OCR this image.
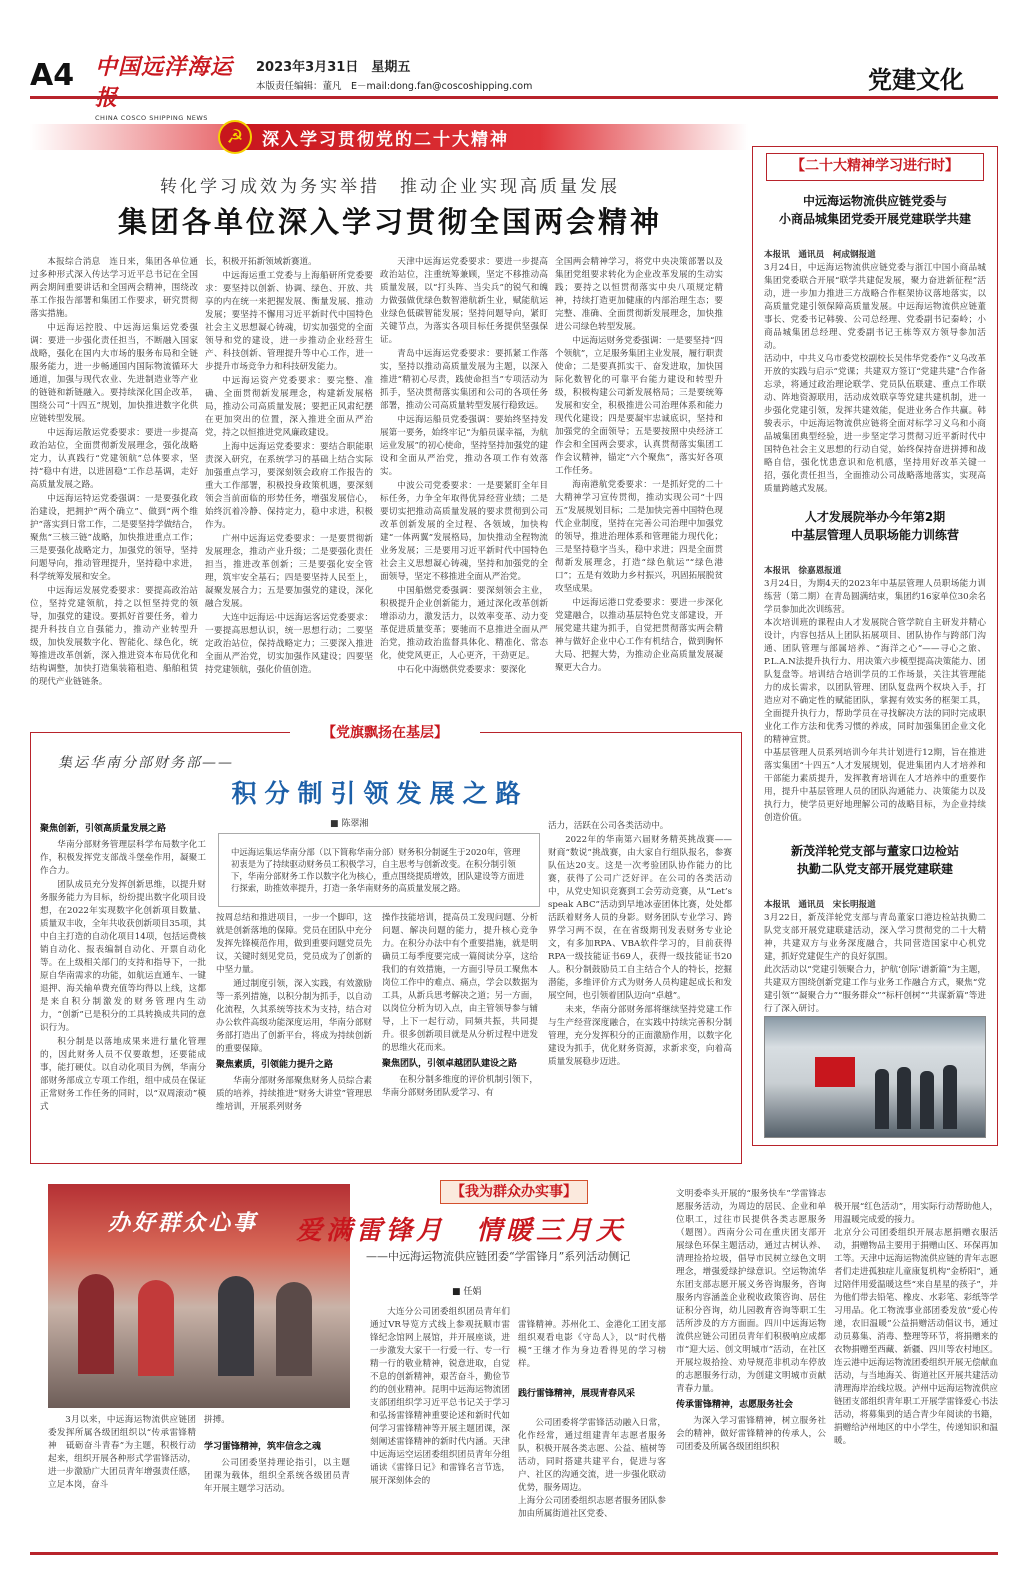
A4 中国远洋海运报
CHINA COSCO SHIPPING NEWS
2023年3月31日　星期五
本版责任编辑：董凡　E－mail:dong.fan@coscoshipping.com	党建文化
☭	深入学习贯彻党的二十大精神
转化学习成效为务实举措　推动企业实现高质量发展
集团各单位深入学习贯彻全国两会精神

本报综合消息　连日来，集团各单位通过多种形式深入传达学习近平总书记在全国两会期间重要讲话和全国两会精神，围绕改革工作报告部署和集团工作要求，研究贯彻落实措施。

中远海运控股、中远海运集运党委强调：要进一步强化责任担当，不断融入国家战略，强化在国内大市场的服务布局和全链服务能力，进一步畅通国内国际物流循环大通道，加强与现代农业、先进制造业等产业的链链和新链融入。要持续深化国企改革，围绕公司“十四五”规划，加快推进数字化供应链转型发展。

中远海运散运党委要求：要进一步提高政治站位，全面贯彻新发展理念，强化战略定力，认真践行“党建领航”总体要求，坚持“稳中有进，以进固稳”工作总基调，走好高质量发展之路。

中远海运特运党委强调：一是要强化政治建设，把拥护“两个确立”、做到“两个维护”落实到日常工作，二是要坚持学做结合，聚焦“三核三链”战略，加快推进重点工作；三是要强化战略定力，加强党的领导，坚持问题导向，推动管理提升，坚持稳中求进，科学统筹发展和安全。

中远海运发展党委要求：要提高政治站位，坚持党建领航，持之以恒坚持党的领导，加强党的建设。要抓好首要任务，着力提升科技自立自强能力，推动产业转型升级，加快发展数字化、智能化、绿色化，统筹推进改革创新，深入推进资本布局优化和结构调整，加快打造集装箱租造、船舶租赁的现代产业链链条。

长，积极开拓新领域新赛道。

中远海运重工党委与上海船研所党委要求：要坚持以创新、协调、绿色、开放、共享的内在统一来把握发展、衡量发展、推动发展；要坚持不懈用习近平新时代中国特色社会主义思想凝心铸魂，切实加强党的全面领导和党的建设，进一步推动企业经营生产、科技创新、管理提升等中心工作，进一步提升市场竞争力和科技研发能力。

中远海运资产党委要求：要完整、准确、全面贯彻新发展理念，构建新发展格局，推动公司高质量发展；要把正风肃纪摆在更加突出的位置，深入推进全面从严治党，持之以恒推进党风廉政建设。

上海中远海运党委要求：要结合职能职责深入研究，在系统学习的基础上结合实际加强重点学习，要深刻领会政府工作报告的重大工作部署，积极投身政策机遇，要深刻领会当前面临的形势任务，增强发展信心，始终沉着冷静、保持定力，稳中求进，积极作为。

广州中远海运党委要求：一是要贯彻新发展理念，推动产业升级；二是要强化责任担当，推进改革创新；三是要强化安全管理，筑牢安全基石；四是要坚持人民至上，凝聚发展合力；五是要加强党的建设，深化融合发展。

大连中远海运·中远海运客运党委要求：一要提高思想认识，统一思想行动；二要坚定政治站位，保持战略定力；三要深入推进全面从严治党，切实加强作风建设；四要坚持党建领航，强化价值创造。

天津中远海运党委要求：要进一步提高政治站位，注重统筹兼顾，坚定不移推动高质量发展，以“打头阵、当尖兵”的锐气和魄力做强做优绿色数智港航新生业，赋能航运业绿色低碳智能发展；坚持问题导向，紧盯关键节点，为落实各项目标任务提供坚强保证。

青岛中远海运党委要求：要抓紧工作落实，坚持以推动高质量发展为主题，以深入推进“精初心尽责，践使命担当”专项活动为抓手，坚决贯彻落实集团和公司的各项任务部署，推动公司高质量转型发展行稳致远。

中远海运船员党委强调：要始终坚持发展第一要务，始终牢记“为船员谋幸福，为航运业发展”的初心使命，坚持坚持加强党的建设和全面从严治党，推动各项工作有效落实。

中波公司党委要求：一是要紧盯全年目标任务，力争全年取得优异经营业绩；二是要切实把推动高质量发展的要求贯彻到公司改革创新发展的全过程、各领域，加快构建“一体两翼”发展格局，加快推动全程物流业务发展；三是要用习近平新时代中国特色社会主义思想凝心铸魂，坚持和加强党的全面领导，坚定不移推进全面从严治党。

中国船燃党委强调：要深刻领会主业，积极提升企业创新能力，通过深化改革创新增添动力，激发活力，以效率变革、动力变革促进质量变革；要驰而不息推进全面从严治党，推动政治监督具体化、精准化、常态化，使党风更正，人心更齐，干劲更足。

中石化中海燃供党委要求：要深化

全国两会精神学习，将党中央决策部署以及集团党组要求转化为企业改革发展的生动实践；要持之以恒贯彻落实中央八项规定精神，持续打造更加健康的内部治理生态；要完整、准确、全面贯彻新发展理念，加快推进公司绿色转型发展。

中远海运财务党委强调：一是要坚持“四个领航”，立足服务集团主业发展，履行职责使命；二是要真抓实干、奋发进取，加快国际化数智化的可靠平台能力建设和转型升级，积极构建公司新发展格局；三是要统筹发展和安全，积极推进公司治理体系和能力现代化建设；四是要凝牢忠诚底识，坚持和加强党的全面领导；五是要按照中央经济工作会和全国两会要求，认真贯彻落实集团工作会议精神，锚定“六个聚焦”，落实好各项工作任务。

海南港航党委要求：一是抓好党的二十大精神学习宣传贯彻，推动实现公司“十四五”发展规划目标；二是加快完善中国特色现代企业制度，坚持在完善公司治理中加强党的领导，推进治理体系和管理能力现代化；三是坚持稳字当头，稳中求进；四是全面贯彻新发展理念，打造“绿色航运”“绿色港口”；五是有效助力乡村振兴，巩固拓展脱贫攻坚成果。

中远海运港口党委要求：要进一步深化党建融合，以推动基层特色党支部建设，开展党建共建为抓手，自觉把贯彻落实两会精神与做好企业中心工作有机结合，做到胸怀大局、把握大势，为推动企业高质量发展凝聚更大合力。

【二十大精神学习进行时】
中远海运物流供应链党委与
小商品城集团党委开展党建联学共建

本报讯　通讯员　柯成钢报道
3月24日，中远海运物流供应链党委与浙江中国小商品城集团党委联合开展“联学共建促发展，聚力奋进新征程”活动，进一步加力推进三方战略合作框架协议落地落实，以高质量党建引领保障高质量发展。中远海运物流供应链董事长、党委书记韩骏、公司总经理、党委副书记秦岭；小商品城集团总经理、党委副书记王栋等双方领导参加活动。
活动中，中共义乌市委党校副校长吴伟华党委作“义乌改革开放的实践与启示”党课；共建双方签订“党建共建”合作备忘录，将通过政治理论联学、党员队伍联建、重点工作联动、阵地资源联用，活动成效联享等党建共建机制，进一步强化党建引领，发挥共建效能，促进业务合作共赢。韩骏表示，中远海运物流供应链将全面对标学习义乌和小商品城集团典型经验，进一步坚定学习贯彻习近平新时代中国特色社会主义思想的行动自觉，始终保持奋进拼搏和战略自信，强化忧患意识和危机感，坚持用好改革关键一招，强化责任担当，全面推动公司战略落地落实，实现高质量跨越式发展。

人才发展院举办今年第2期
中基层管理人员职场能力训练营

本报讯　徐嘉恩报道
3月24日，为期4天的2023年中基层管理人员职场能力训练营（第二期）在青岛圆满结束，集团约16家单位30余名学员参加此次训练营。
本次培训班的课程由人才发展院合管学院自主研发并精心设计，内容包括从上团队拓展项目、团队协作与跨部门沟通、团队管理与部属培养、“海洋之心”——寻心之旅、P.L.A.N法提升执行力、用决策六步模型提高决策能力、团队复盘等。培训结合培训学员的工作场景，关注其管理能力的成长需求，以团队管理、团队复盘两个权块入手，打造应对不确定性的赋能团队，掌握有效实务的框架工具，全面提升执行力，帮助学员在寻找解决方法的同时完成职业化工作方法和优秀习惯的养成，同时加强集团企业文化的精神宣贯。
中基层管理人员系列培训今年共计划进行12期，旨在推进落实集团“十四五”人才发展规划，促进集团内人才培养和干部能力素质提升，发挥教育培训在人才培养中的重要作用，提升中基层管理人员的团队沟通能力、决策能力以及执行力，使学员更好地理解公司的战略目标，为企业持续创造价值。

新茂洋轮党支部与董家口边检站
执勤二队党支部开展党建联建

本报讯　通讯员　宋长明报道
3月22日，新茂洋轮党支部与青岛董家口港边检站执勤二队党支部开展党建联建活动，深入学习贯彻党的二十大精神，共建双方与业务深度融合，共同营造国家中心机党建，抓好党建促生产的良好氛围。
此次活动以“党建引领聚合力，护航‘创际’谱新篇”为主题，共建双方围绕创新党建工作与业务工作融合方式，聚焦“党建引领”“凝聚合力”“服务群众”“标杆创树”“共谋新篇”等进行了深入研讨。

【党旗飘扬在基层】
集运华南分部财务部——
积分制引领发展之路
■ 陈翠湘
中远海运集运华南分部（以下简称华南分部）财务积分制诞生于2020年，管理初衷是为了持续驱动财务员工积极学习，自主思考与创新改变。在积分制引领下，华南分部财务工作以数字化为核心，重点围绕提质增效，团队建设等方面进行探索，助推效率提升，打造一条华南财务的高质量发展之路。
聚焦创新，引领高质量发展之路

华南分部财务管理层科学布局数字化工作，积极发挥党支部战斗堡垒作用，凝聚工作合力。

团队成员充分发挥创新思维，以提升财务服务能力为目标，纷纷提出数字化项目设想，在2022年实现数字化创新项目数量、质量双丰收，全年共收获创新项目35项，其中自主打造的自动化项目14项，包括运费核销自动化、报表编制自动化、开票自动化等。在上级相关部门的支持和指导下，一批原自华南需求的功能，如航运直通车、一键退押、海关输单费充值等均得以上线，这都是来自积分制激发的财务管理内生动力，“创新”已是积分的工具转换成共同的意识行为。

积分制是以落地成果来进行量化管理的，因此财务人员不仅要敢想，还要能成事，能打硬仗。以自动化项目为例，华南分部财务部成立专项工作组，组中成员在保证正常财务工作任务的同时，以“双周滚动”模式

按周总结和推进项目，一步一个脚印，这就是创新落地的保障。党员在团队中充分发挥先锋模范作用，做到重要问题党员先议，关键时刻见党员，党员成为了创新的中坚力量。

通过制度引领，深入实践，有效激励等一系列措施，以积分制为抓手，以自动化流程，久其系统等技术为支持，结合对办公软件高级功能深度运用，华南分部财务部打造出了创新平台，将成为持续创新的重要保障。

聚焦素质，引领能力提升之路

华南分部财务部聚焦财务人员综合素质的培养，持续推进“财务大讲堂”管理思维培训，开展系列财务

操作技能培训，提高员工发现问题、分析问题、解决问题的能力，提升核心竞争力。在积分办法中有个重要措施，就是明确员工每季度要完成一篇阅读分享，这给我们的有效措施，一方面引导员工聚焦本岗位工作中的难点、痛点，学会以数据为工具，从新兵思考解决之道；另一方面，以岗位分析为切入点，由主管领导参与辅导，上下一起行动，同频共振，共同提升。很多创新项目就是从分析过程中迸发的思维火花而来。

聚焦团队，引领卓越团队建设之路

在积分制多维度的评价机制引领下，华南分部财务团队爱学习、有

活力，活跃在公司各类活动中。

2022年的华南第六届财务精英挑战赛——财商“数说”挑战赛，由大家自行组队报名，参赛队伍达20支。这是一次考验团队协作能力的比赛，获得了公司广泛好评。在公司的各类活动中，从党史知识竞赛到工会劳动竞赛，从“Let’s speak ABC”活动到早地冰壶团体比赛，处处都活跃着财务人员的身影。财务团队专业学习、跨界学习两不误，在在省级期刊发表财务专业论文，有多加RPA、VBA软件学习的，目前获得RPA一级技能证书69人，获得一级技能证书20人。积分制鼓励员工自主结合个人的特长，挖掘潜能，多维评价方式为财务人员构建起成长和发展空间，也引领着团队迈向“卓越”。

未来，华南分部财务部将继续坚持党建工作与生产经营深度融合，在实践中持续完善积分制管理，充分发挥积分的正面激励作用，以数字化建设为抓手，优化财务资源，求新求变，向着高质量发展稳步迈进。

办好群众心事
【我为群众办实事】
爱满雷锋月　情暖三月天
——中远海运物流供应链团委“学雷锋月”系列活动侧记
■ 任娟

3月以来，中远海运物流供应链团委发挥所属各级团组织以“传承雷锋精神　砥砺奋斗青春”为主题，积极行动起来，组织开展各种形式学雷锋活动，进一步激励广大团员青年增强责任感，立足本岗，奋斗

拼搏。

学习雷锋精神，筑牢信念之魂

公司团委坚持理论指引，以主题团课为载体，组织全系统各级团员青年开展主题学习活动。

大连分公司团委组织团员青年们通过VR导览方式线上参观抚顺市雷锋纪念馆网上展馆，并开展座谈，进一步激发大家干一行爱一行、专一行精一行的敬业精神，锐意进取，自觉不息的创新精神，艰苦奋斗，勤俭节约的创业精神。昆明中远海运物流团支部团组织学习近平总书记关于学习和弘扬雷锋精神重要论述和新时代如何学习雷锋精神等开展主题团课，深刻阐述雷锋精神的新时代内涵。天津中远海运空运团委组织团员青年分组诵读《雷锋日记》和雷锋名言节选，展开深刻体会的

雷锋精神。苏州化工、金港化工团支部组织观看电影《守岛人》，以“时代楷模”王继才作为身边看得见的学习榜样。

践行雷锋精神，展现青春风采

公司团委将学雷锋活动融入日常，化作经常，通过组建青年志愿者服务队，积极开展各类志愿、公益、植树等活动，同时搭建共建平台，促进与客户、社区的沟通交流，进一步强化联动优势，服务周边。
上海分公司团委组织志愿者服务团队参加由所属街道社区党委、

文明委牵头开展的“服务快车”学雷锋志愿服务活动，为周边的居民、企业和单位职工，过往市民提供各类志愿服务（题图）。西南分公司在重庆团支部开展绿色环保主题活动，通过古树认养、清理捡拾垃圾，倡导市民树立绿色文明理念，增强爱绿护绿意识。空运物流华东团支部志愿开展义务咨询服务，咨询服务内容涵盖企业税收政策咨询、居住证积分咨询，幼儿园教育咨询等职工生活所涉及的方方面面。四川中远海运物流供应链公司团员青年们积极响应成都市“迎大运、创文明城市”活动，在社区开展垃圾拾捡、劝导规范非机动车停放的志愿服务行动，为创建文明城市贡献青春力量。

传承雷锋精神，志愿服务社会

为深入学习雷锋精神，树立服务社会的精神，做好雷锋精神的传承人，公司团委及所属各级团组织积

极开展“红色活动”，用实际行动帮助他人，用温暖完成爱的接力。
北京分公司团委组织开展志愿捐赠衣服活动，捐赠物品主要用于捐赠山区、环保再加工等。天津中远海运物流供应链的青年志愿者们走进孤独症儿童康复机构“金桥阳”，通过陪伴用爱温暖这些“来自星星的孩子”，并为他们带去铅笔、橡皮、水彩笔、彩纸等学习用品。化工物流事业部团委发放“爱心传递，农旧温暖”公益捐赠活动倡议书，通过动员募集、消毒、整理等环节，将捐赠来的衣物捐赠至西藏、新疆、四川等农村地区。连云港中远海运物流团委组织开展无偿献血活动，与当地海关、街道社区开展共建活动清理海岸治线垃圾。泸州中远海运物流供应链团支部组织青年职工开展学雷锋爱心书法活动，将募集到的适合青少年阅读的书籍，捐赠给泸州地区的中小学生，传递知识和温暖。
